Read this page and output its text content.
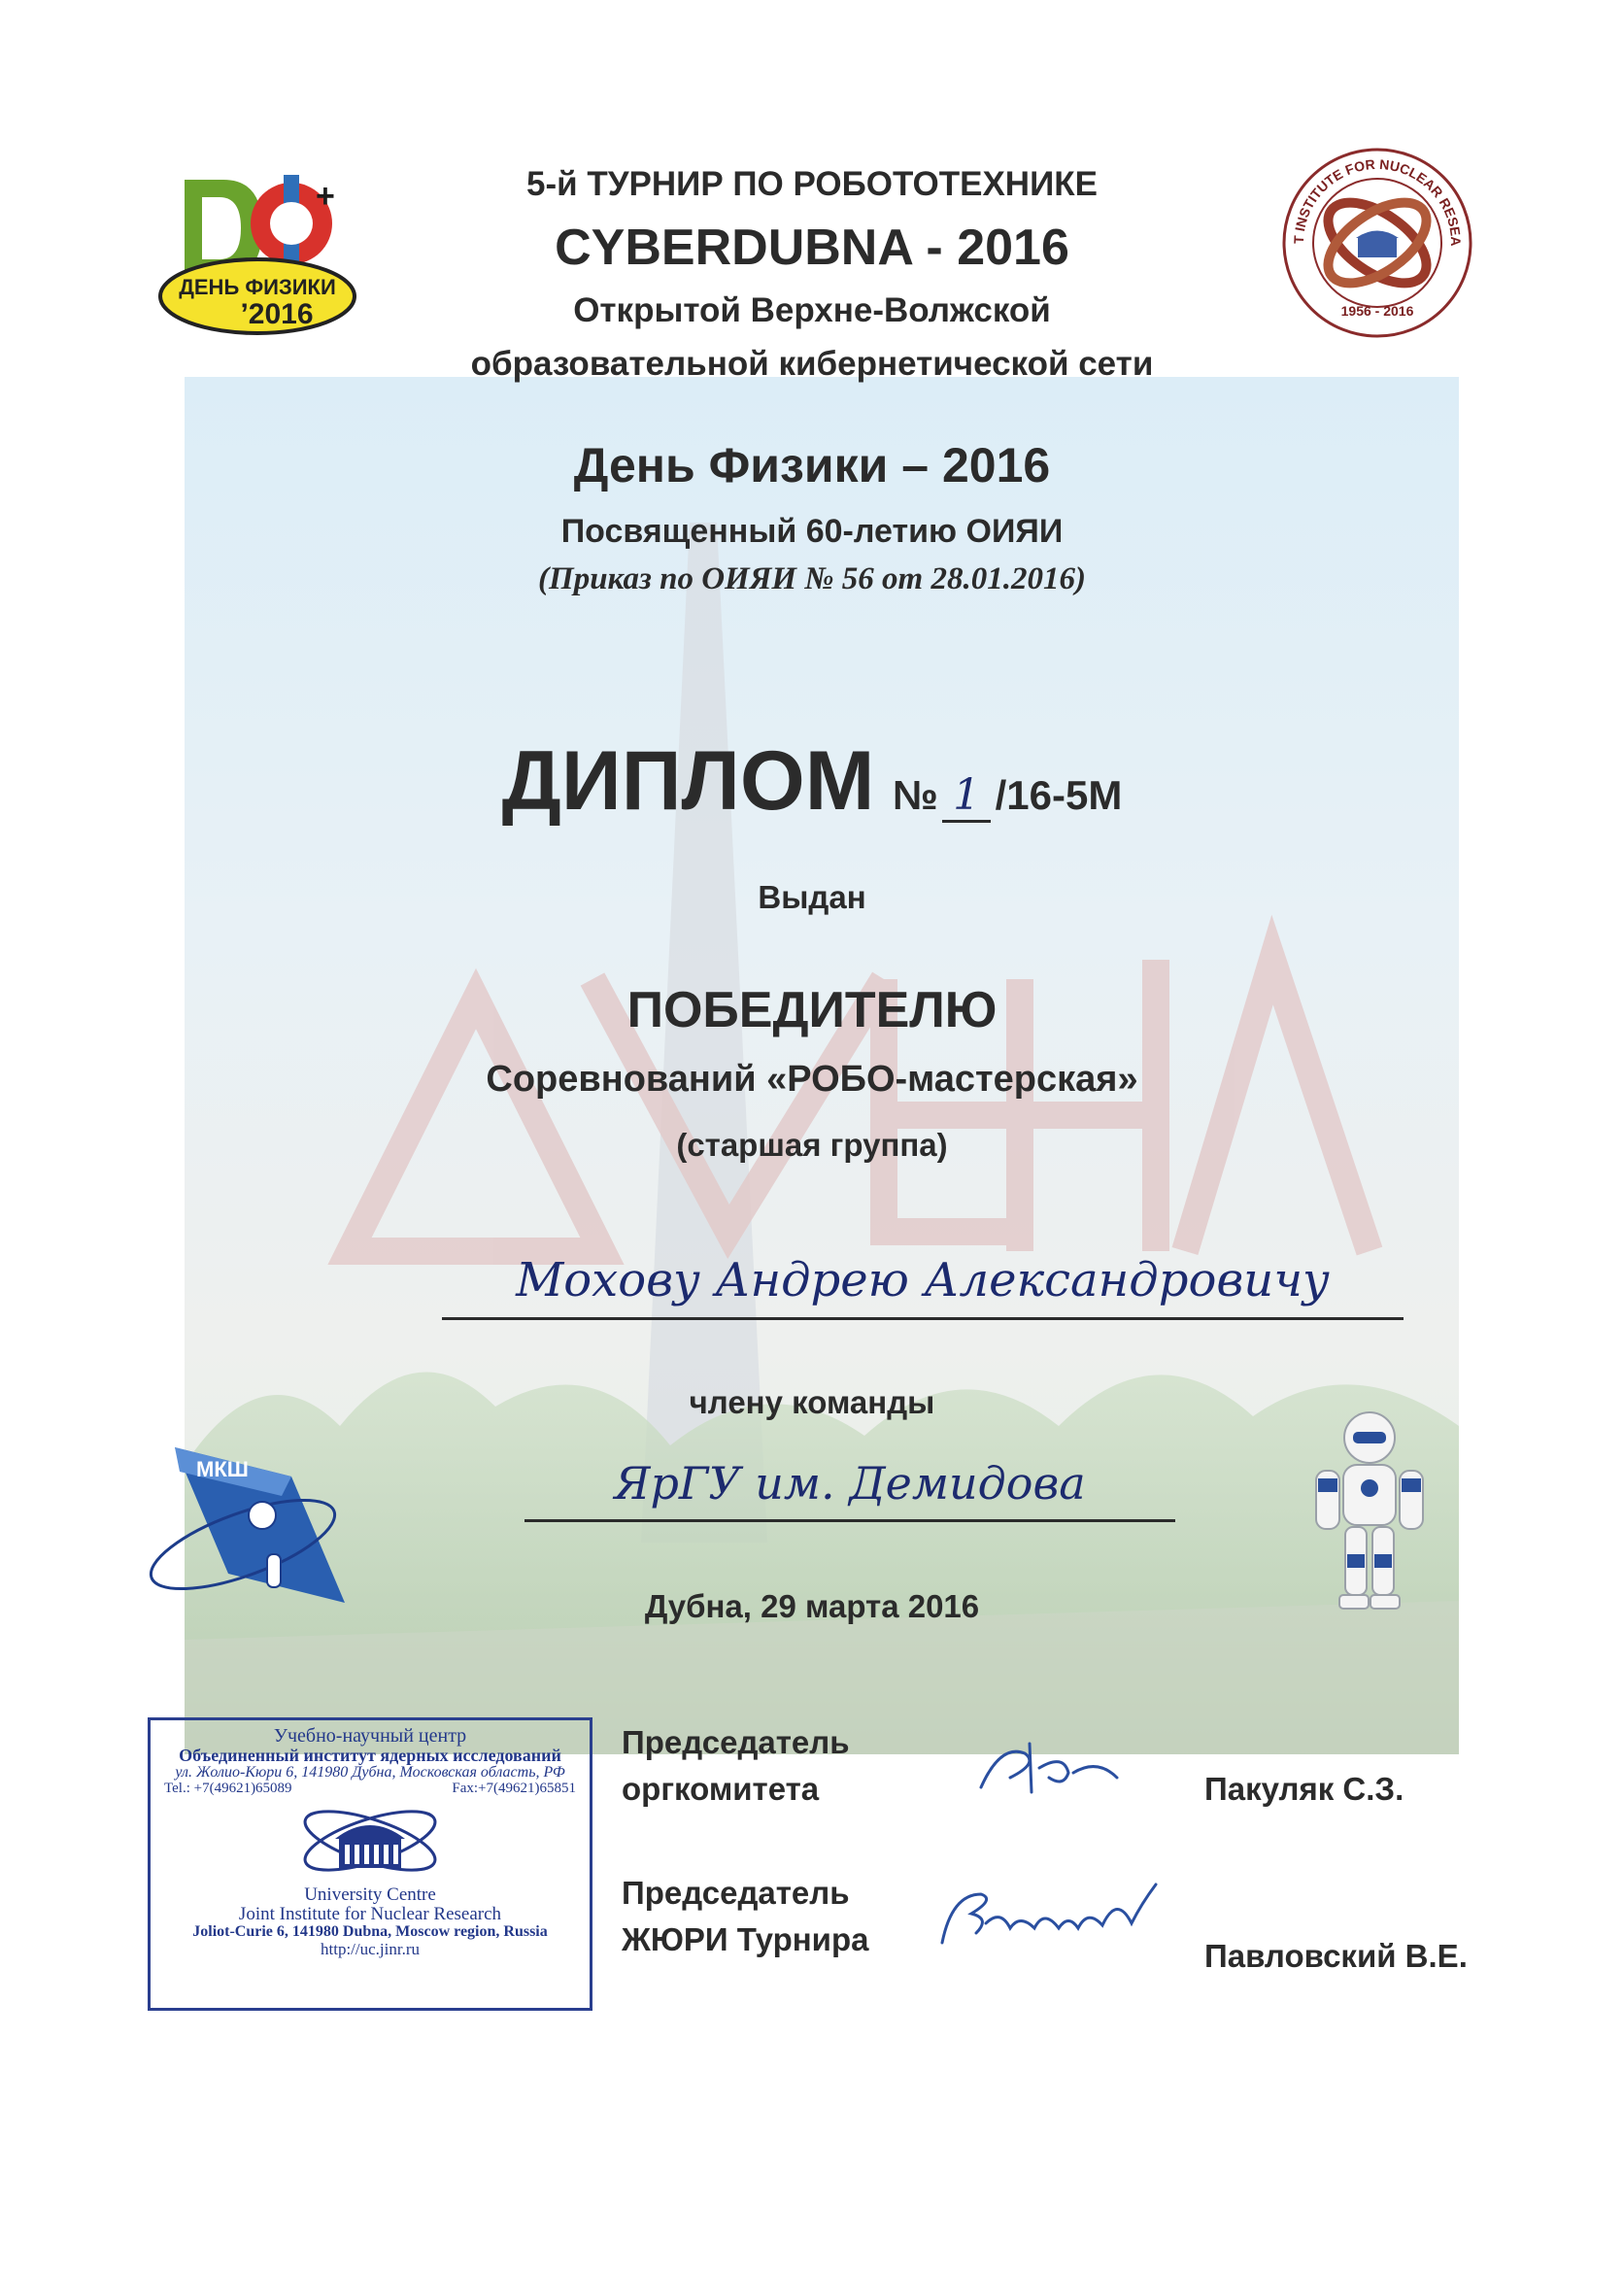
+
ДЕНЬ ФИЗИКИ
’2016
T INSTITUTE FOR NUCLEAR RESEA
1956 - 2016
5-й ТУРНИР ПО РОБОТОТЕХНИКЕ
CYBERDUBNA - 2016
Открытой Верхне-Волжской
образовательной кибернетической сети
День Физики – 2016
Посвященный 60-летию ОИЯИ
(Приказ по ОИЯИ № 56 от 28.01.2016)
ДИПЛОМ № 1 /16-5М
Выдан
ПОБЕДИТЕЛЮ
Соревнований «РОБО-мастерская»
(старшая группа)
Мохову Андрею Александровичу
члену команды
ЯрГУ им. Демидова
МКШ
Дубна, 29 марта 2016
Учебно-научный центр
Объединенный институт ядерных исследований
ул. Жолио-Кюри 6, 141980 Дубна, Московская область, РФ
Tel.: +7(49621)65089	Fax:+7(49621)65851
University Centre
Joint Institute for Nuclear Research
Joliot-Curie 6, 141980 Dubna, Moscow region, Russia
http://uc.jinr.ru
Председатель
оргкомитета	Пакуляк С.З.
Председатель
ЖЮРИ Турнира	Павловский В.Е.
